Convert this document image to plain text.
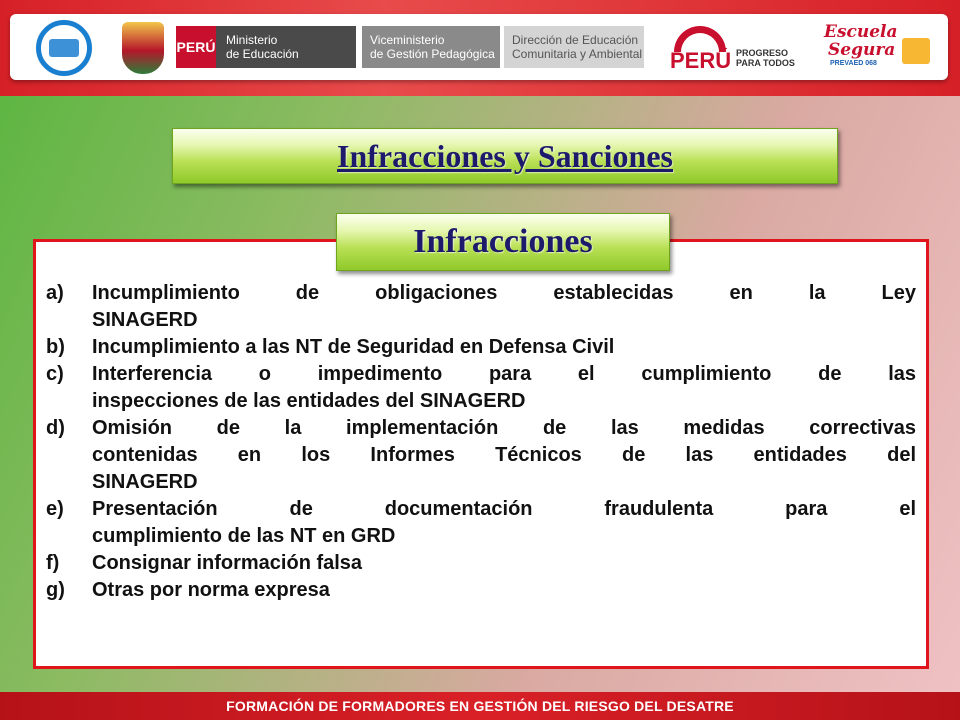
PERÚ Ministerio
de Educación
Viceministerio
de Gestión Pedagógica
Dirección de Educación
Comunitaria y Ambiental PERÚ PROGRESO
PARA TODOS
Escuela
Segura
PREVAED 068
Infracciones y Sanciones
Infracciones
a)	Incumplimiento de obligaciones establecidas en la Ley
SINAGERD
b)	Incumplimiento a las NT de Seguridad en Defensa Civil
c)	Interferencia o impedimento para el cumplimiento de las
inspecciones de las entidades del SINAGERD
d)	Omisión de la implementación de las medidas correctivas
contenidas en los Informes Técnicos de las entidades del
SINAGERD
e)	Presentación de documentación fraudulenta para el
cumplimiento de las NT en GRD
f)	Consignar información falsa
g)	Otras por norma expresa
FORMACIÓN DE FORMADORES EN GESTIÓN DEL RIESGO DEL DESATRE
